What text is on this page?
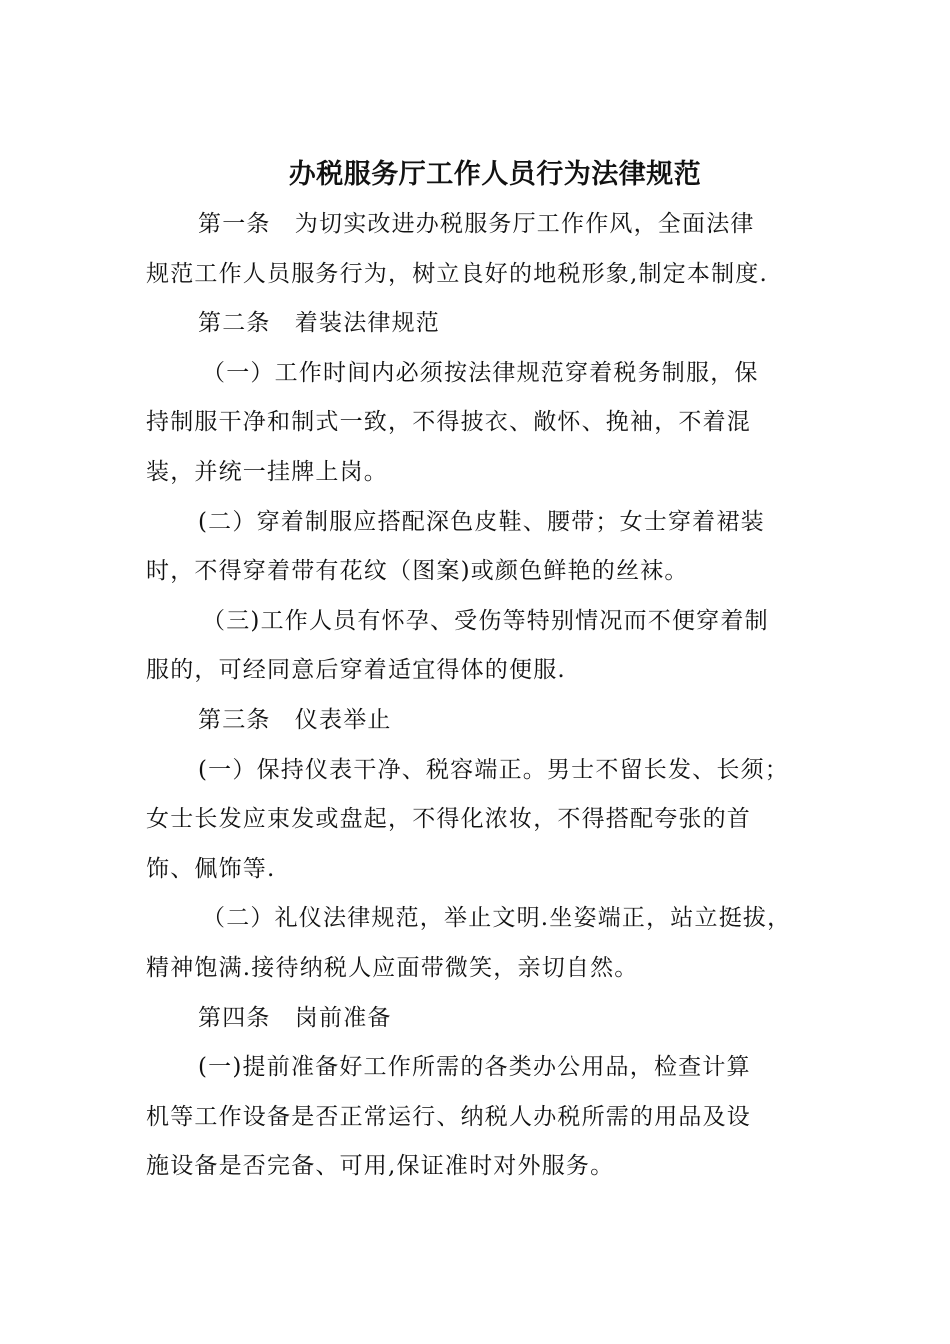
办税服务厅工作人员行为法律规范
第一条　为切实改进办税服务厅工作作风，全面法律
规范工作人员服务行为，树立良好的地税形象,制定本制度.
第二条　着装法律规范
（一）工作时间内必须按法律规范穿着税务制服，保
持制服干净和制式一致，不得披衣、敞怀、挽袖，不着混
装，并统一挂牌上岗。
(二）穿着制服应搭配深色皮鞋、腰带；女士穿着裙装
时，不得穿着带有花纹（图案)或颜色鲜艳的丝袜。
（三)工作人员有怀孕、受伤等特别情况而不便穿着制
服的，可经同意后穿着适宜得体的便服.
第三条　仪表举止
(一）保持仪表干净、税容端正。男士不留长发、长须；
女士长发应束发或盘起，不得化浓妆，不得搭配夸张的首
饰、佩饰等.
（二）礼仪法律规范，举止文明.坐姿端正，站立挺拔，
精神饱满.接待纳税人应面带微笑，亲切自然。
第四条　岗前准备
(一)提前准备好工作所需的各类办公用品，检查计算
机等工作设备是否正常运行、纳税人办税所需的用品及设
施设备是否完备、可用,保证准时对外服务。
